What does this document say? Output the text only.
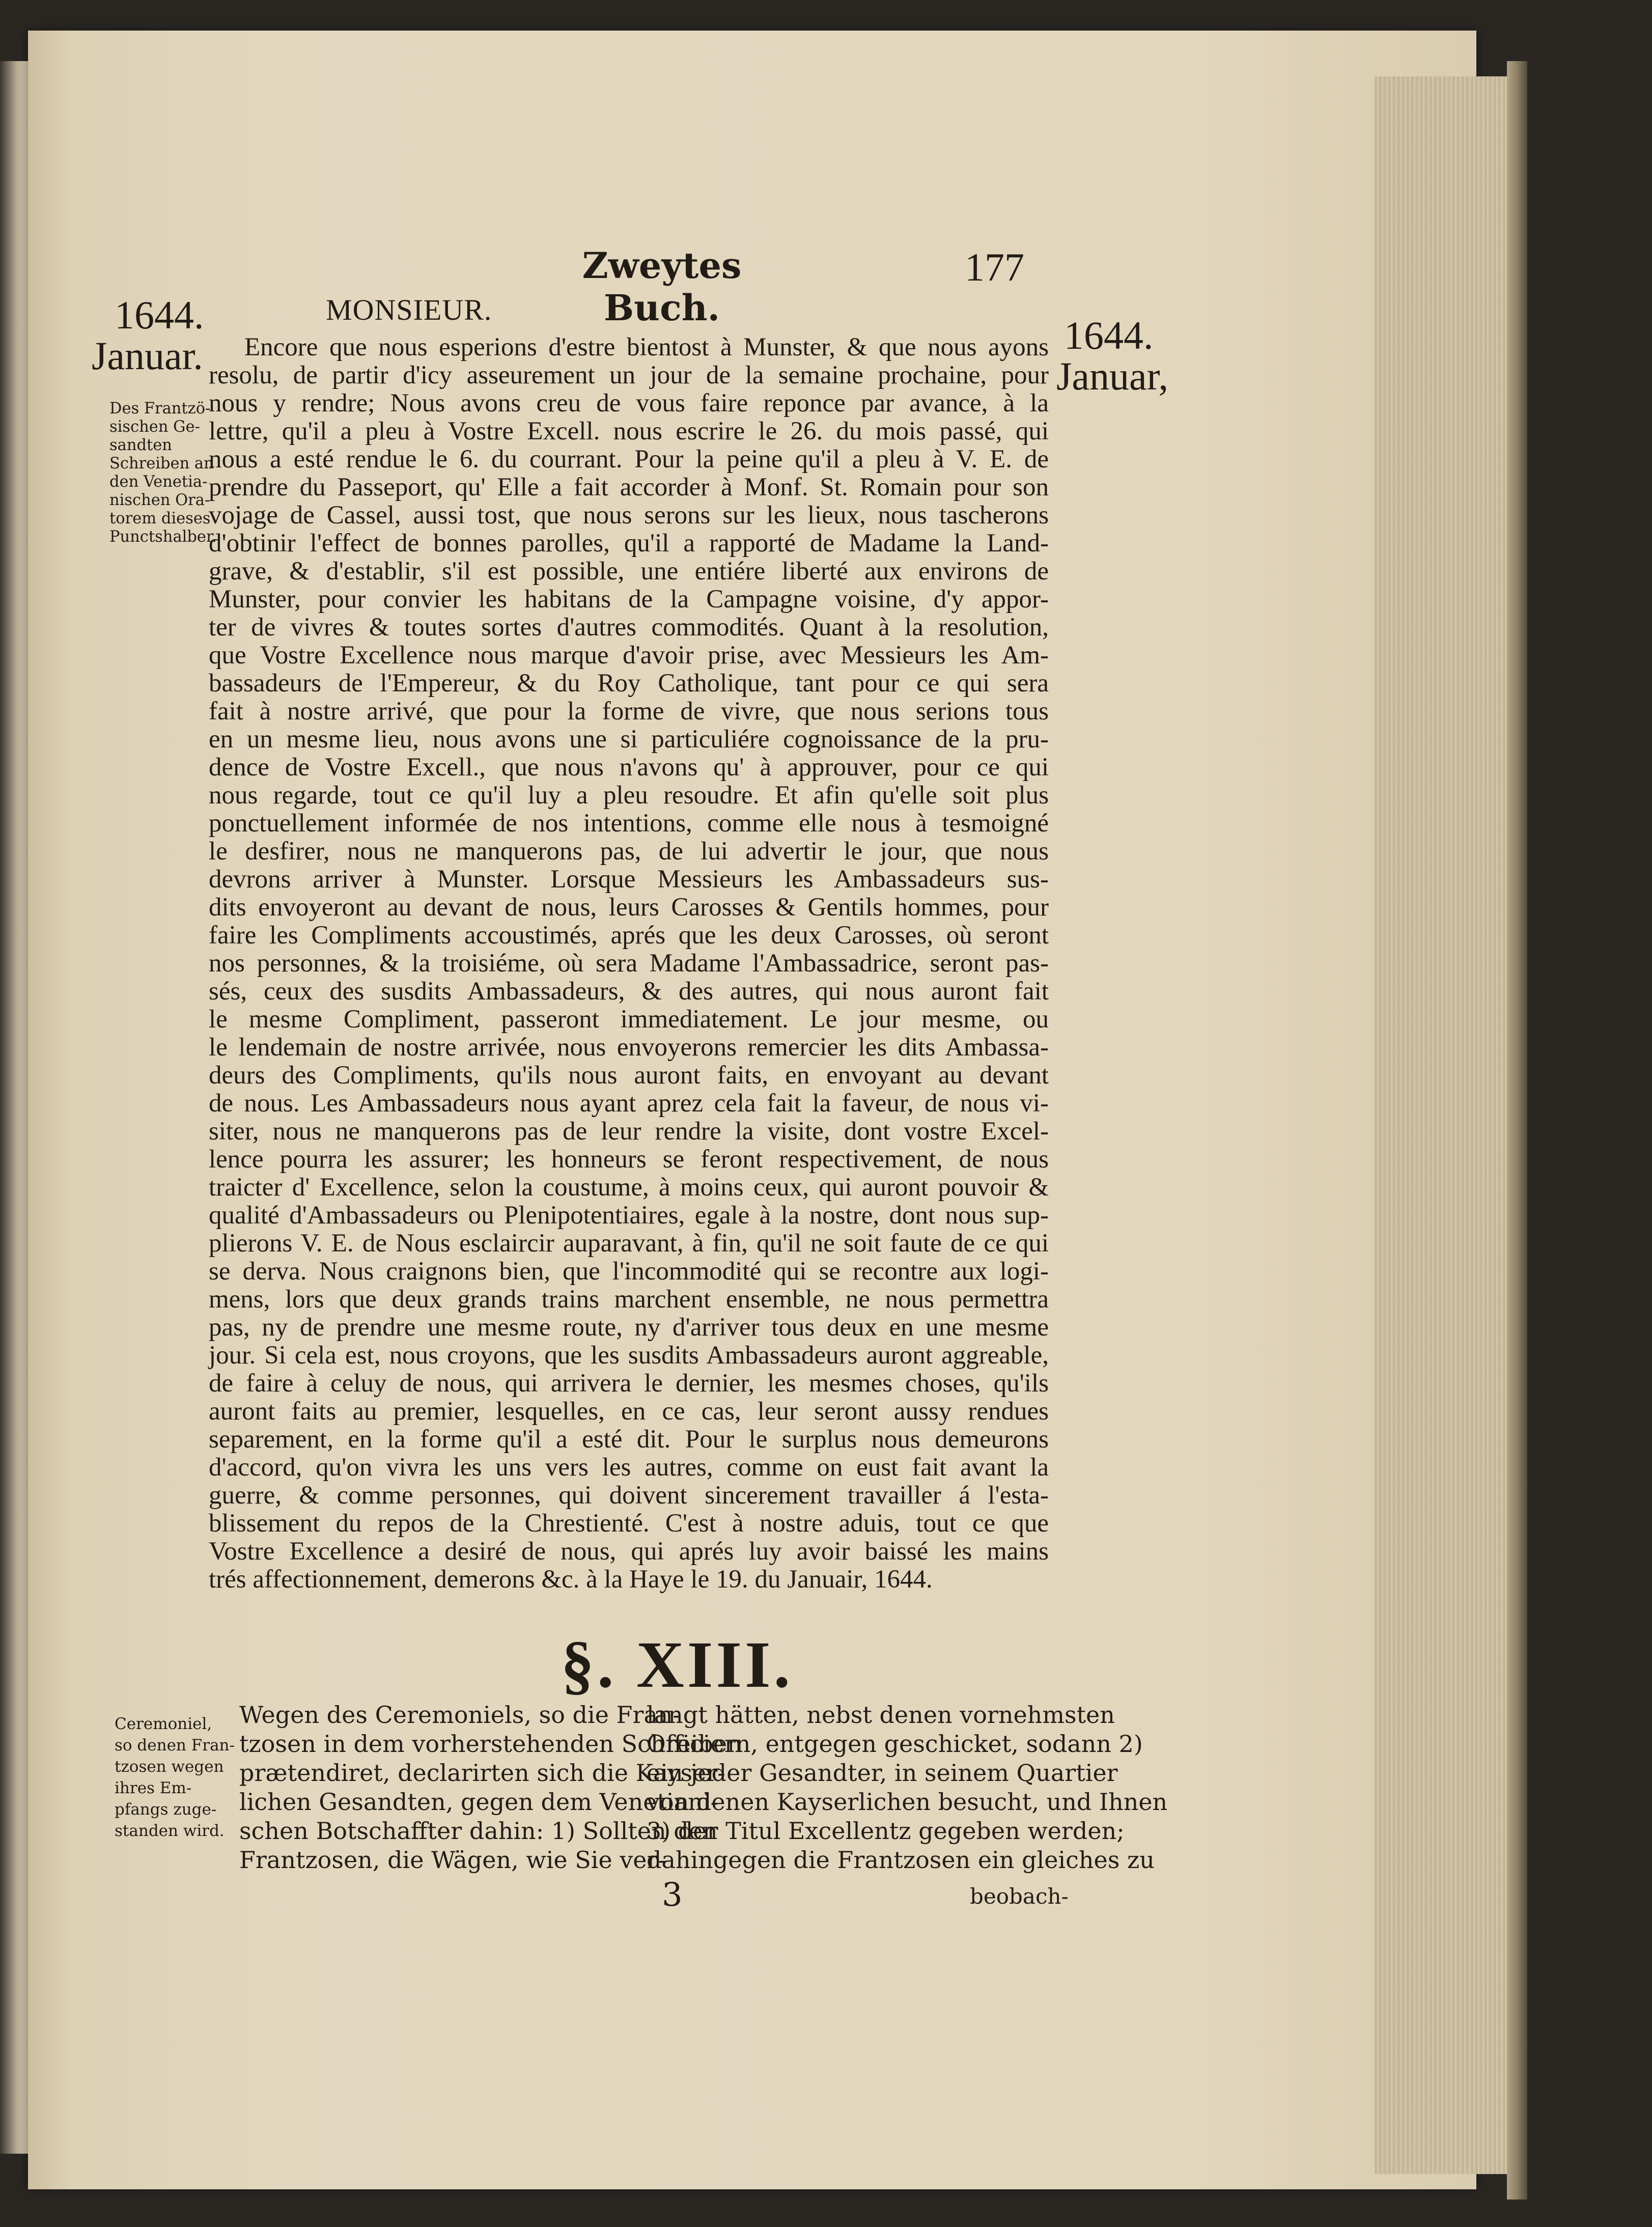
Zweytes Buch.
177
1644.
Januar.	1644.
Januar,
MONSIEUR.
Des Frantzö-
sischen Ge-
sandten
Schreiben an
den Venetia-
nischen Ora-
torem dieses
Punctshalber.
Encore que nous esperions d'estre bientost à Munster, & que nous ayons
resolu, de partir d'icy asseurement un jour de la semaine prochaine, pour
nous y rendre; Nous avons creu de vous faire reponce par avance, à la
lettre, qu'il a pleu à Vostre Excell. nous escrire le 26. du mois passé, qui
nous a esté rendue le 6. du courrant. Pour la peine qu'il a pleu à V. E. de
prendre du Passeport, qu' Elle a fait accorder à Monf. St. Romain pour son
vojage de Cassel, aussi tost, que nous serons sur les lieux, nous tascherons
d'obtinir l'effect de bonnes parolles, qu'il a rapporté de Madame la Land-
grave, & d'establir, s'il est possible, une entiére liberté aux environs de
Munster, pour convier les habitans de la Campagne voisine, d'y appor-
ter de vivres & toutes sortes d'autres commodités. Quant à la resolution,
que Vostre Excellence nous marque d'avoir prise, avec Messieurs les Am-
bassadeurs de l'Empereur, & du Roy Catholique, tant pour ce qui sera
fait à nostre arrivé, que pour la forme de vivre, que nous serions tous
en un mesme lieu, nous avons une si particuliére cognoissance de la pru-
dence de Vostre Excell., que nous n'avons qu' à approuver, pour ce qui
nous regarde, tout ce qu'il luy a pleu resoudre. Et afin qu'elle soit plus
ponctuellement informée de nos intentions, comme elle nous à tesmoigné
le desfirer, nous ne manquerons pas, de lui advertir le jour, que nous
devrons arriver à Munster. Lorsque Messieurs les Ambassadeurs sus-
dits envoyeront au devant de nous, leurs Carosses & Gentils hommes, pour
faire les Compliments accoustimés, aprés que les deux Carosses, où seront
nos personnes, & la troisiéme, où sera Madame l'Ambassadrice, seront pas-
sés, ceux des susdits Ambassadeurs, & des autres, qui nous auront fait
le mesme Compliment, passeront immediatement. Le jour mesme, ou
le lendemain de nostre arrivée, nous envoyerons remercier les dits Ambassa-
deurs des Compliments, qu'ils nous auront faits, en envoyant au devant
de nous. Les Ambassadeurs nous ayant aprez cela fait la faveur, de nous vi-
siter, nous ne manquerons pas de leur rendre la visite, dont vostre Excel-
lence pourra les assurer; les honneurs se feront respectivement, de nous
traicter d' Excellence, selon la coustume, à moins ceux, qui auront pouvoir &
qualité d'Ambassadeurs ou Plenipotentiaires, egale à la nostre, dont nous sup-
plierons V. E. de Nous esclaircir auparavant, à fin, qu'il ne soit faute de ce qui
se derva. Nous craignons bien, que l'incommodité qui se recontre aux logi-
mens, lors que deux grands trains marchent ensemble, ne nous permettra
pas, ny de prendre une mesme route, ny d'arriver tous deux en une mesme
jour. Si cela est, nous croyons, que les susdits Ambassadeurs auront aggreable,
de faire à celuy de nous, qui arrivera le dernier, les mesmes choses, qu'ils
auront faits au premier, lesquelles, en ce cas, leur seront aussy rendues
separement, en la forme qu'il a esté dit. Pour le surplus nous demeurons
d'accord, qu'on vivra les uns vers les autres, comme on eust fait avant la
guerre, & comme personnes, qui doivent sincerement travailler á l'esta-
blissement du repos de la Chrestienté. C'est à nostre aduis, tout ce que
Vostre Excellence a desiré de nous, qui aprés luy avoir baissé les mains
trés affectionnement, demerons &c. à la Haye le 19. du Januair, 1644.
§. XIII.
Ceremoniel,
so denen Fran-
tzosen wegen
ihres Em-
pfangs zuge-
standen wird.
Wegen des Ceremoniels, so die Fran-
tzosen in dem vorherstehenden Schreiben
prætendiret, declarirten sich die Kayser-
lichen Gesandten, gegen dem Venetiani-
schen Botschaffter dahin: 1) Sollten den
Frantzosen, die Wägen, wie Sie ver-
langt hätten, nebst denen vornehmsten
Officiern, entgegen geschicket, sodann 2)
ein jeder Gesandter, in seinem Quartier
von denen Kayserlichen besucht, und Ihnen
3) der Titul Excellentz gegeben werden;
dahingegen die Frantzosen ein gleiches zu
3	beobach-
